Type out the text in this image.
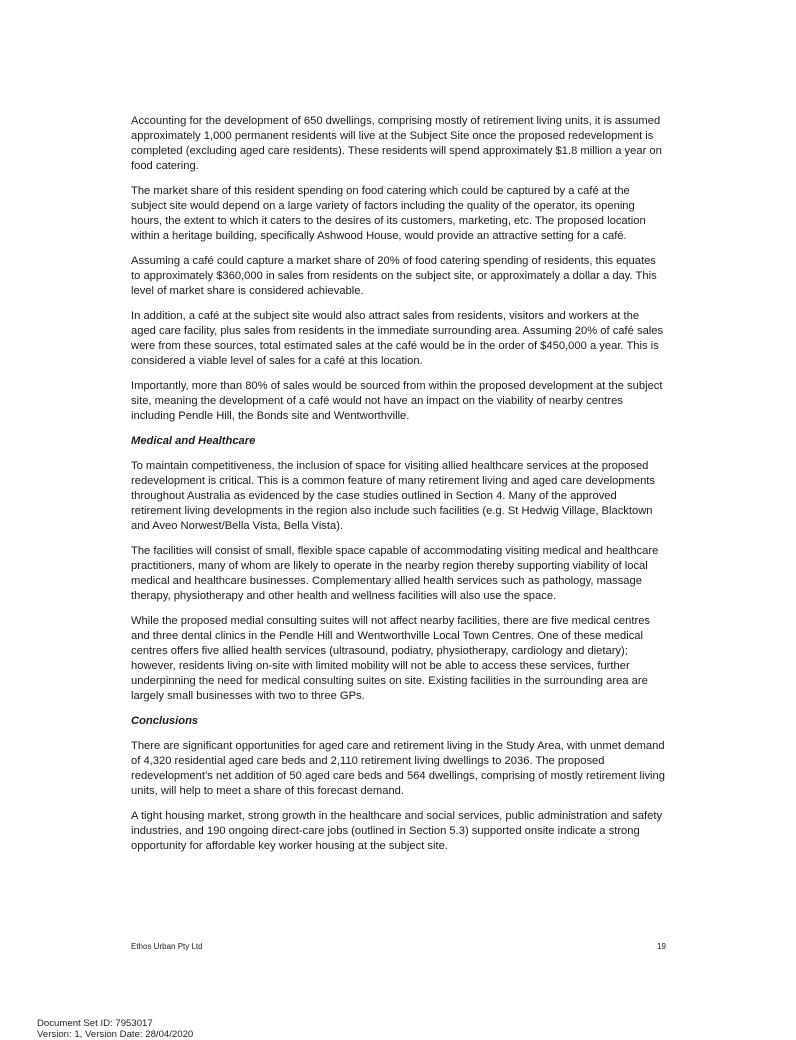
Accounting for the development of 650 dwellings, comprising mostly of retirement living units, it is assumed approximately 1,000 permanent residents will live at the Subject Site once the proposed redevelopment is completed (excluding aged care residents). These residents will spend approximately $1.8 million a year on food catering.

The market share of this resident spending on food catering which could be captured by a café at the subject site would depend on a large variety of factors including the quality of the operator, its opening hours, the extent to which it caters to the desires of its customers, marketing, etc. The proposed location within a heritage building, specifically Ashwood House, would provide an attractive setting for a café.

Assuming a café could capture a market share of 20% of food catering spending of residents, this equates to approximately $360,000 in sales from residents on the subject site, or approximately a dollar a day. This level of market share is considered achievable.

In addition, a café at the subject site would also attract sales from residents, visitors and workers at the aged care facility, plus sales from residents in the immediate surrounding area. Assuming 20% of café sales were from these sources, total estimated sales at the café would be in the order of $450,000 a year. This is considered a viable level of sales for a café at this location.

Importantly, more than 80% of sales would be sourced from within the proposed development at the subject site, meaning the development of a café would not have an impact on the viability of nearby centres including Pendle Hill, the Bonds site and Wentworthville.

Medical and Healthcare

To maintain competitiveness, the inclusion of space for visiting allied healthcare services at the proposed redevelopment is critical. This is a common feature of many retirement living and aged care developments throughout Australia as evidenced by the case studies outlined in Section 4. Many of the approved retirement living developments in the region also include such facilities (e.g. St Hedwig Village, Blacktown and Aveo Norwest/Bella Vista, Bella Vista).

The facilities will consist of small, flexible space capable of accommodating visiting medical and healthcare practitioners, many of whom are likely to operate in the nearby region thereby supporting viability of local medical and healthcare businesses. Complementary allied health services such as pathology, massage therapy, physiotherapy and other health and wellness facilities will also use the space.

While the proposed medial consulting suites will not affect nearby facilities, there are five medical centres and three dental clinics in the Pendle Hill and Wentworthville Local Town Centres. One of these medical centres offers five allied health services (ultrasound, podiatry, physiotherapy, cardiology and dietary); however, residents living on-site with limited mobility will not be able to access these services, further underpinning the need for medical consulting suites on site. Existing facilities in the surrounding area are largely small businesses with two to three GPs.

Conclusions

There are significant opportunities for aged care and retirement living in the Study Area, with unmet demand of 4,320 residential aged care beds and 2,110 retirement living dwellings to 2036. The proposed redevelopment’s net addition of 50 aged care beds and 564 dwellings, comprising of mostly retirement living units, will help to meet a share of this forecast demand.

A tight housing market, strong growth in the healthcare and social services, public administration and safety industries, and 190 ongoing direct-care jobs (outlined in Section 5.3) supported onsite indicate a strong opportunity for affordable key worker housing at the subject site.

Ethos Urban Pty Ltd	19
Document Set ID: 7953017
Version: 1, Version Date: 28/04/2020
